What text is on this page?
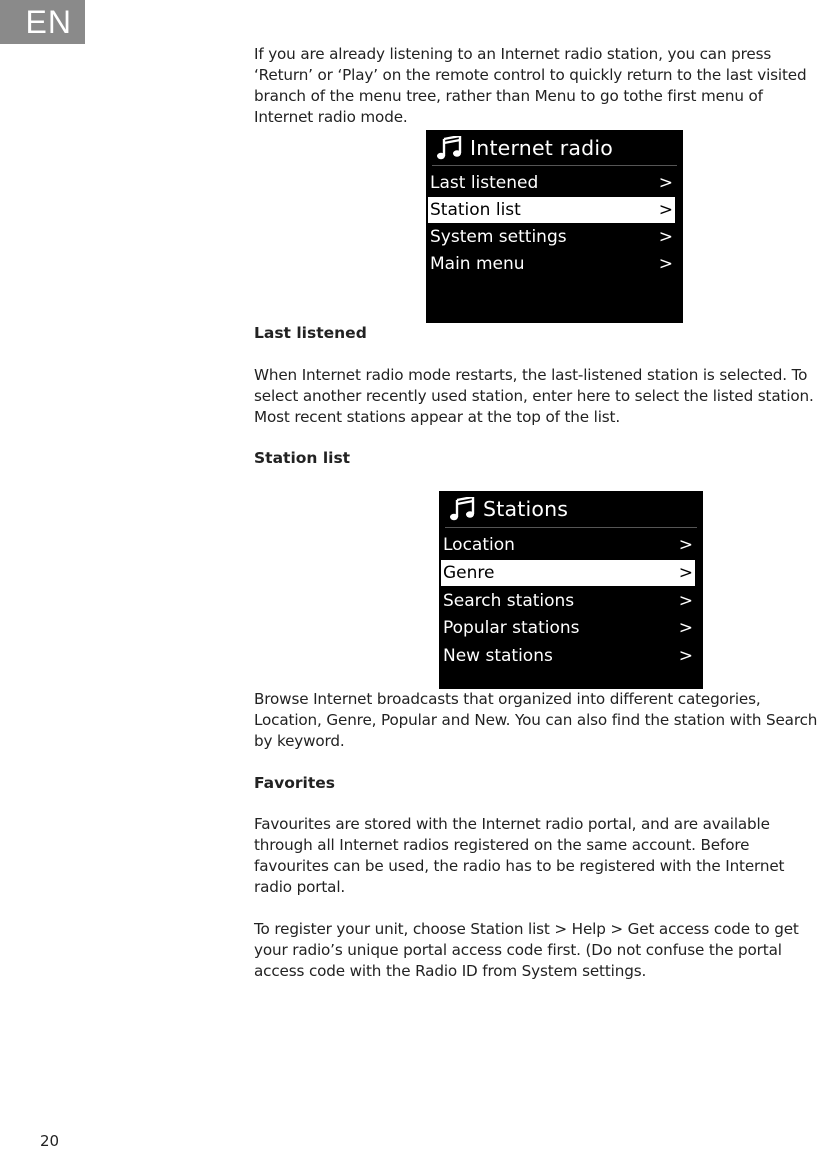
EN

If you are already listening to an Internet radio station, you can press ‘Return’ or ‘Play’ on the remote control to quickly return to the last visited branch of the menu tree, rather than Menu to go tothe first menu of Internet radio mode.

Internet radio
Last listened	>
Station list	>
System settings	>
Main menu	>
Last listened

When Internet radio mode restarts, the last-listened station is selected. To select another recently used station, enter here to select the listed station. Most recent stations appear at the top of the list.

Station list
Stations
Location	>
Genre	>
Search stations	>
Popular stations	>
New stations	>

Browse Internet broadcasts that organized into different categories, Location, Genre, Popular and New. You can also find the station with Search by keyword.

Favorites

Favourites are stored with the Internet radio portal, and are available through all Internet radios registered on the same account. Before favourites can be used, the radio has to be registered with the Internet radio portal.

To register your unit, choose Station list > Help > Get access code to get your radio’s unique portal access code first. (Do not confuse the portal access code with the Radio ID from System settings.

20
